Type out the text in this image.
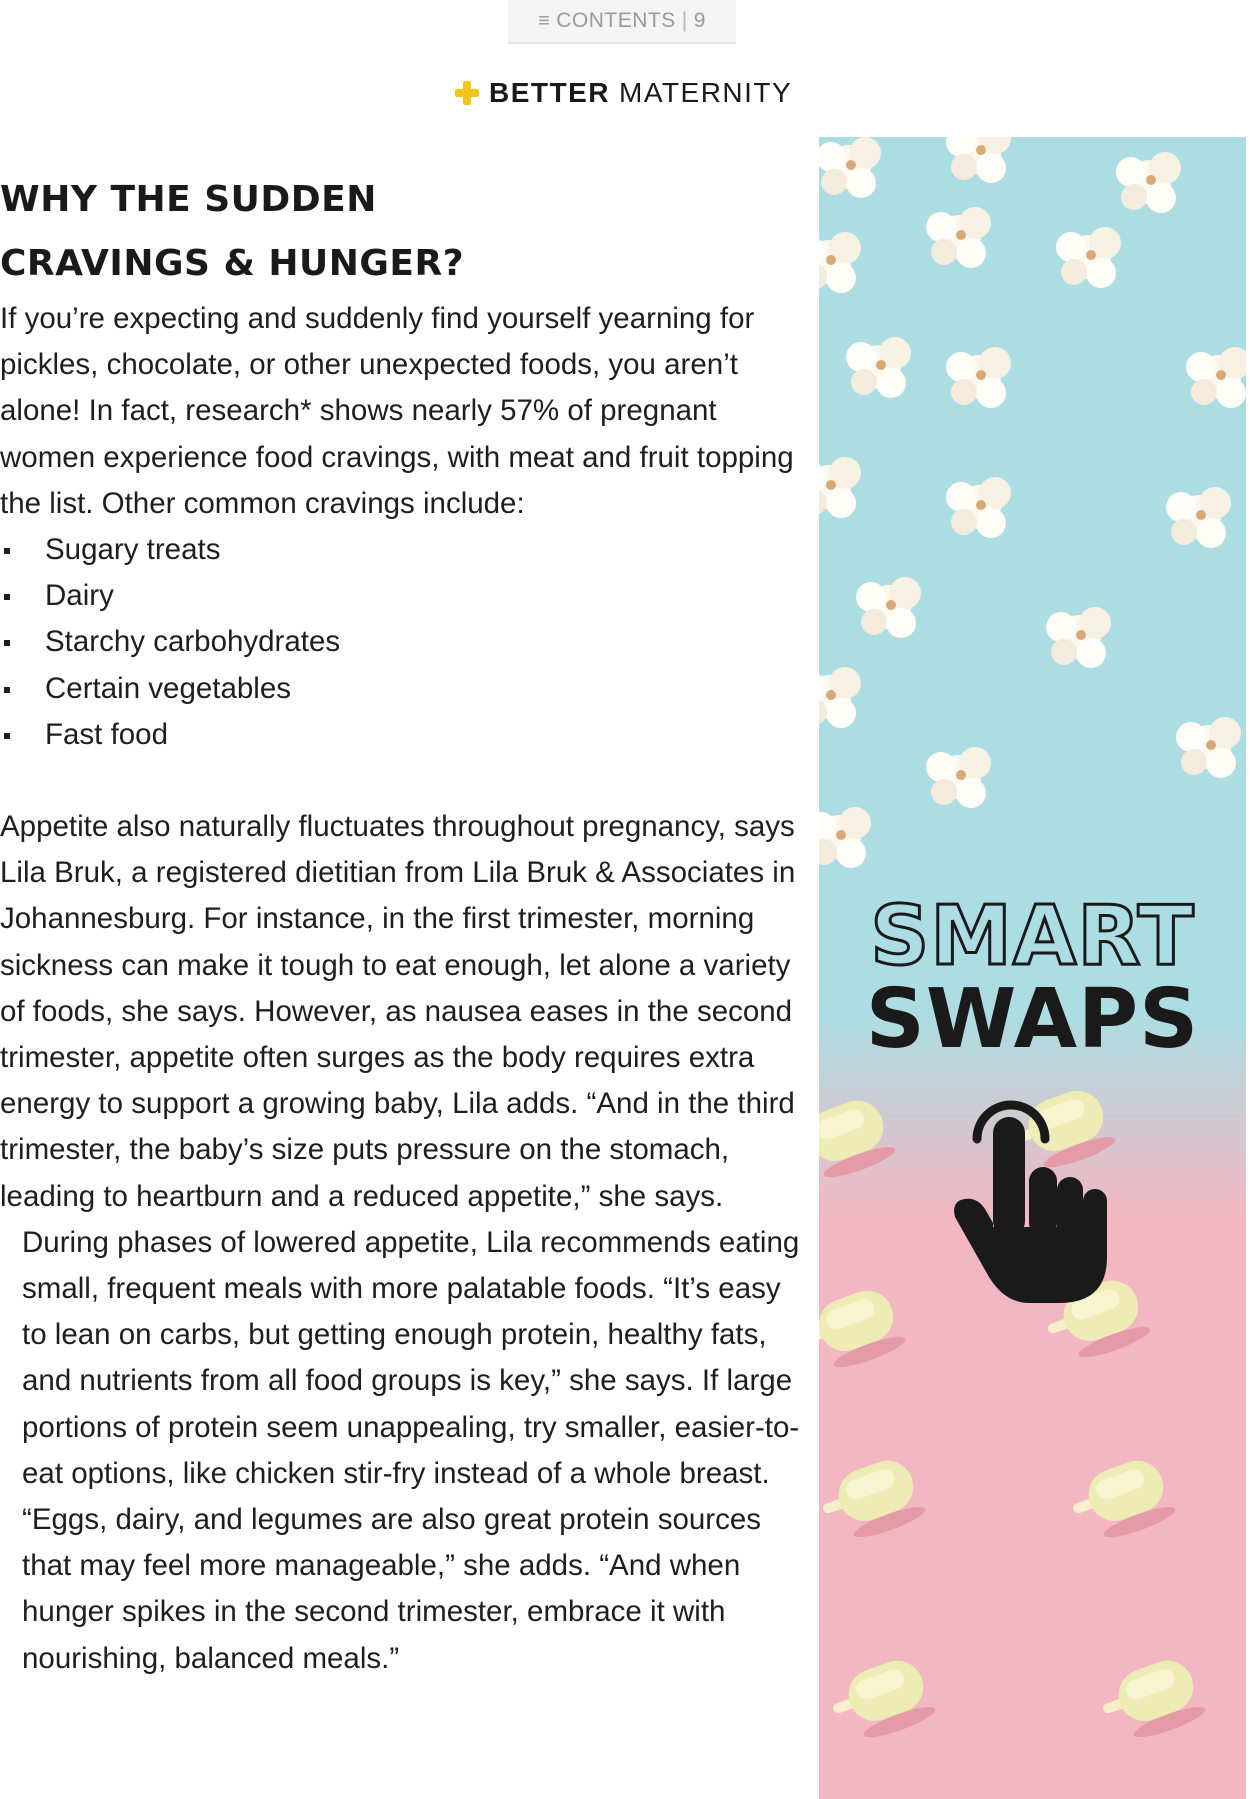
≡ CONTENTS | 9
BETTER MATERNITY
WHY THE SUDDEN
CRAVINGS & HUNGER?

If you’re expecting and suddenly find yourself yearning for pickles, chocolate, or other unexpected foods, you aren’t alone! In fact, research* shows nearly 57% of pregnant women experience food cravings, with meat and fruit topping the list. Other common cravings include:

Sugary treats
Dairy
Starchy carbohydrates
Certain vegetables
Fast food

Appetite also naturally fluctuates throughout pregnancy, says Lila Bruk, a registered dietitian from Lila Bruk & Associates in Johannesburg. For instance, in the first trimester, morning sickness can make it tough to eat enough, let alone a variety of foods, she says. However, as nausea eases in the second trimester, appetite often surges as the body requires extra energy to support a growing baby, Lila adds. “And in the third trimester, the baby’s size puts pressure on the stomach, leading to heartburn and a reduced appetite,” she says.

During phases of lowered appetite, Lila recommends eating small, frequent meals with more palatable foods. “It’s easy to lean on carbs, but getting enough protein, healthy fats, and nutrients from all food groups is key,” she says. If large portions of protein seem unappealing, try smaller, easier-to-eat options, like chicken stir-fry instead of a whole breast. “Eggs, dairy, and legumes are also great protein sources that may feel more manageable,” she adds. “And when hunger spikes in the second trimester, embrace it with nourishing, balanced meals.”

SMART
SWAPS
